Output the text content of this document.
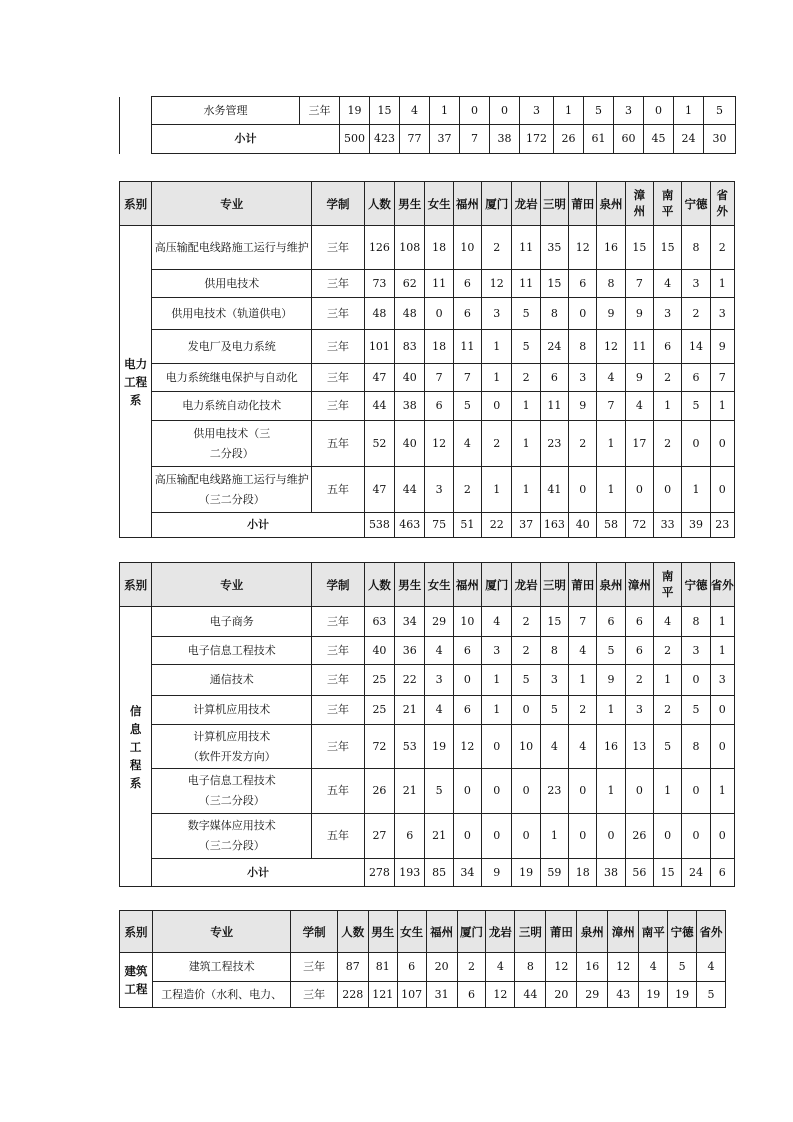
	水务管理	三年	19	15	4	1	0	0	3	1	5	3	0	1	5
	小计		500	423	77	37	7	38	172	26	61	60	45	24	30
系别	专业	学制	人数	男生	女生	福州	厦门	龙岩	三明	莆田	泉州	漳州	南平	宁德	省外
电力工程系	高压输配电线路施工运行与维护	三年	126	108	18	10	2	11	35	12	16	15	15	8	2
	供用电技术	三年	73	62	11	6	12	11	15	6	8	7	4	3	1
	供用电技术（轨道供电）	三年	48	48	0	6	3	5	8	0	9	9	3	2	3
	发电厂及电力系统	三年	101	83	18	11	1	5	24	8	12	11	6	14	9
	电力系统继电保护与自动化	三年	47	40	7	7	1	2	6	3	4	9	2	6	7
	电力系统自动化技术	三年	44	38	6	5	0	1	11	9	7	4	1	5	1
	供用电技术（三二分段）	五年	52	40	12	4	2	1	23	2	1	17	2	0	0
	高压输配电线路施工运行与维护（三二分段）	五年	47	44	3	2	1	1	41	0	1	0	0	1	0
	小计		538	463	75	51	22	37	163	40	58	72	33	39	23
系别	专业	学制	人数	男生	女生	福州	厦门	龙岩	三明	莆田	泉州	漳州	南平	宁德	省外
信息工程系	电子商务	三年	63	34	29	10	4	2	15	7	6	6	4	8	1
	电子信息工程技术	三年	40	36	4	6	3	2	8	4	5	6	2	3	1
	通信技术	三年	25	22	3	0	1	5	3	1	9	2	1	0	3
	计算机应用技术	三年	25	21	4	6	1	0	5	2	1	3	2	5	0
	计算机应用技术（软件开发方向）	三年	72	53	19	12	0	10	4	4	16	13	5	8	0
	电子信息工程技术（三二分段）	五年	26	21	5	0	0	0	23	0	1	0	1	0	1
	数字媒体应用技术（三二分段）	五年	27	6	21	0	0	0	1	0	0	26	0	0	0
	小计		278	193	85	34	9	19	59	18	38	56	15	24	6
系别	专业	学制	人数	男生	女生	福州	厦门	龙岩	三明	莆田	泉州	漳州	南平	宁德	省外
建筑工程	建筑工程技术	三年	87	81	6	20	2	4	8	12	16	12	4	5	4
	工程造价（水利、电力、	三年	228	121	107	31	6	12	44	20	29	43	19	19	5
